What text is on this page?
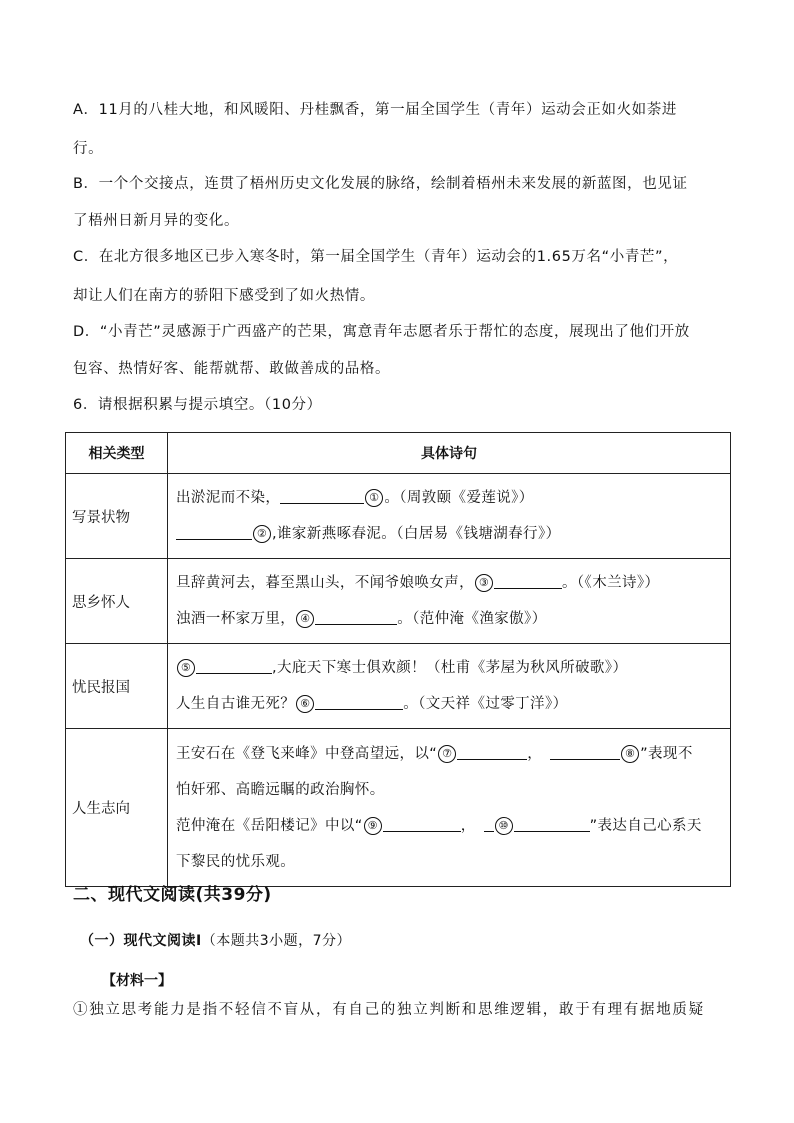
A．11月的八桂大地，和风暖阳、丹桂飘香，第一届全国学生（青年）运动会正如火如荼进
行。
B．一个个交接点，连贯了梧州历史文化发展的脉络，绘制着梧州未来发展的新蓝图，也见证
了梧州日新月异的变化。
C．在北方很多地区已步入寒冬时，第一届全国学生（青年）运动会的1.65万名“小青芒”，
却让人们在南方的骄阳下感受到了如火热情。
D．“小青芒”灵感源于广西盛产的芒果，寓意青年志愿者乐于帮忙的态度，展现出了他们开放
包容、热情好客、能帮就帮、敢做善成的品格。
6．请根据积累与提示填空。（10分）
相关类型	具体诗句
写景状物	出淤泥而不染， ① 。（周敦颐《爱莲说》）
② ,谁家新燕啄春泥。（白居易《钱塘湖春行》）

思乡怀人	旦辞黄河去，暮至黑山头，不闻爷娘唤女声， ③ 。（《木兰诗》）
浊酒一杯家万里， ④ 。（范仲淹《渔家傲》）

忧民报国	⑤ ,大庇天下寒士俱欢颜！（杜甫《茅屋为秋风所破歌》）
人生自古谁无死？ ⑥ 。（文天祥《过零丁洋》）

人生志向	王安石在《登飞来峰》中登高望远，以“ ⑦ ， ⑧ ”表现不
怕奸邪、高瞻远瞩的政治胸怀。
范仲淹在《岳阳楼记》中以“ ⑨ ， ⑩ ”表达自己心系天
下黎民的忧乐观。
二、现代文阅读(共39分)
（一）现代文阅读Ⅰ（本题共3小题，7分）
【材料一】
①独立思考能力是指不轻信不盲从，有自己的独立判断和思维逻辑，敢于有理有据地质疑
